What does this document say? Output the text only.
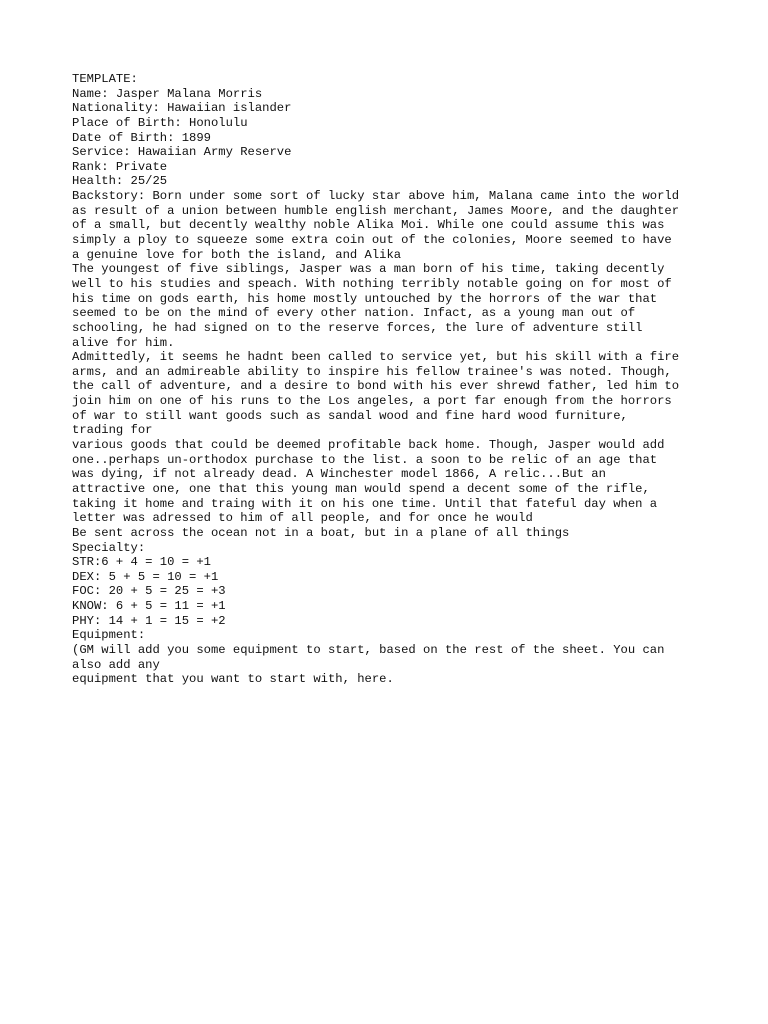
TEMPLATE:
Name: Jasper Malana Morris
Nationality: Hawaiian islander
Place of Birth: Honolulu
Date of Birth: 1899
Service: Hawaiian Army Reserve
Rank: Private
Health: 25/25
Backstory: Born under some sort of lucky star above him, Malana came into the world
as result of a union between humble english merchant, James Moore, and the daughter
of a small, but decently wealthy noble Alika Moi. While one could assume this was
simply a ploy to squeeze some extra coin out of the colonies, Moore seemed to have
a genuine love for both the island, and Alika
The youngest of five siblings, Jasper was a man born of his time, taking decently
well to his studies and speach. With nothing terribly notable going on for most of
his time on gods earth, his home mostly untouched by the horrors of the war that
seemed to be on the mind of every other nation. Infact, as a young man out of
schooling, he had signed on to the reserve forces, the lure of adventure still
alive for him.
Admittedly, it seems he hadnt been called to service yet, but his skill with a fire
arms, and an admireable ability to inspire his fellow trainee's was noted. Though,
the call of adventure, and a desire to bond with his ever shrewd father, led him to
join him on one of his runs to the Los angeles, a port far enough from the horrors
of war to still want goods such as sandal wood and fine hard wood furniture,
trading for
various goods that could be deemed profitable back home. Though, Jasper would add
one..perhaps un-orthodox purchase to the list. a soon to be relic of an age that
was dying, if not already dead. A Winchester model 1866, A relic...But an
attractive one, one that this young man would spend a decent some of the rifle,
taking it home and traing with it on his one time. Until that fateful day when a
letter was adressed to him of all people, and for once he would
Be sent across the ocean not in a boat, but in a plane of all things
Specialty:
STR:6 + 4 = 10 = +1
DEX: 5 + 5 = 10 = +1
FOC: 20 + 5 = 25 = +3
KNOW: 6 + 5 = 11 = +1
PHY: 14 + 1 = 15 = +2
Equipment:
(GM will add you some equipment to start, based on the rest of the sheet. You can
also add any
equipment that you want to start with, here.
